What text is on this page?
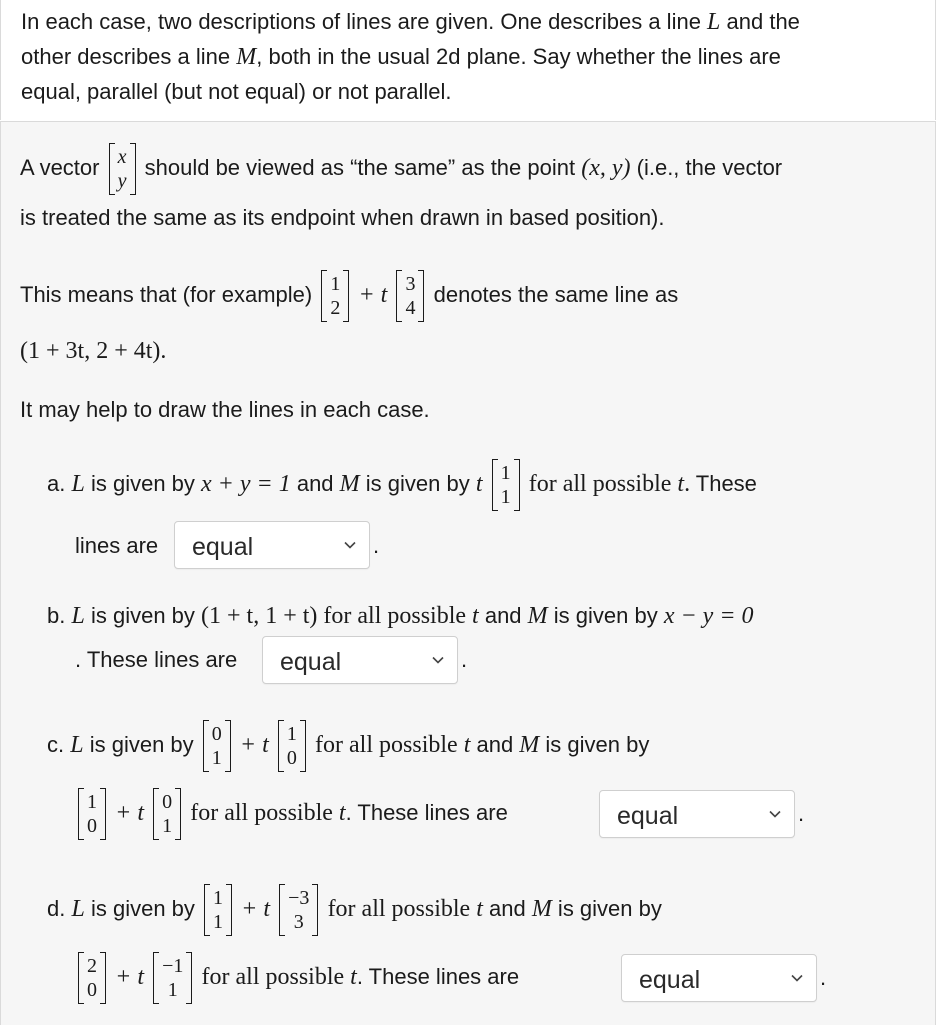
In each case, two descriptions of lines are given. One describes a line L and the
other describes a line M, both in the usual 2d plane. Say whether the lines are
equal, parallel (but not equal) or not parallel.
A vector x
y
should be viewed as “the same” as the point (x, y) (i.e., the vector
is treated the same as its endpoint when drawn in based position).
This means that (for example) 1
2
+ t 3
4
denotes the same line as
(1 + 3t, 2 + 4t).
It may help to draw the lines in each case.
a. L is given by x + y = 1 and M is given by t 1
1
for all possible t. These
lines are equal	.
b. L is given by (1 + t, 1 + t) for all possible t and M is given by x − y = 0
. These lines are equal	.
c. L is given by 0
1
+ t 1
0
for all possible t and M is given by
1
0
+ t 0
1
for all possible t. These lines are	equal	.
d. L is given by 1
1
+ t −3
3
for all possible t and M is given by
2
0
+ t −1
1
for all possible t. These lines are	equal	.
